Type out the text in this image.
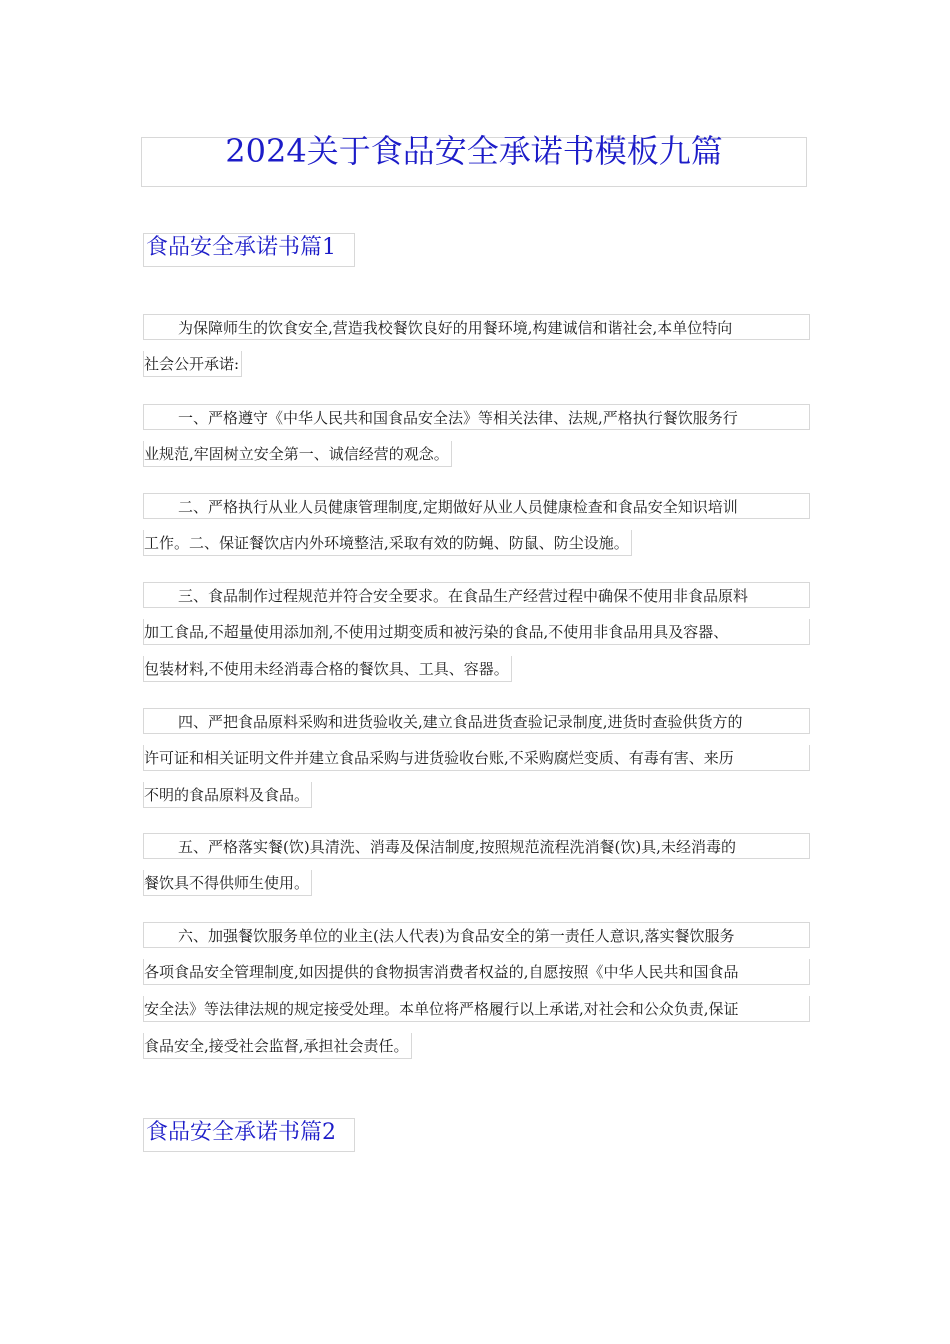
2024关于食品安全承诺书模板九篇
食品安全承诺书篇1
为保障师生的饮食安全,营造我校餐饮良好的用餐环境,构建诚信和谐社会,本单位特向
社会公开承诺:
一、严格遵守《中华人民共和国食品安全法》等相关法律、法规,严格执行餐饮服务行
业规范,牢固树立安全第一、诚信经营的观念。
二、严格执行从业人员健康管理制度,定期做好从业人员健康检查和食品安全知识培训
工作。二、保证餐饮店内外环境整洁,采取有效的防蝇、防鼠、防尘设施。
三、食品制作过程规范并符合安全要求。在食品生产经营过程中确保不使用非食品原料
加工食品,不超量使用添加剂,不使用过期变质和被污染的食品,不使用非食品用具及容器、
包装材料,不使用未经消毒合格的餐饮具、工具、容器。
四、严把食品原料采购和进货验收关,建立食品进货查验记录制度,进货时查验供货方的
许可证和相关证明文件并建立食品采购与进货验收台账,不采购腐烂变质、有毒有害、来历
不明的食品原料及食品。
五、严格落实餐(饮)具清洗、消毒及保洁制度,按照规范流程洗消餐(饮)具,未经消毒的
餐饮具不得供师生使用。
六、加强餐饮服务单位的业主(法人代表)为食品安全的第一责任人意识,落实餐饮服务
各项食品安全管理制度,如因提供的食物损害消费者权益的,自愿按照《中华人民共和国食品
安全法》等法律法规的规定接受处理。本单位将严格履行以上承诺,对社会和公众负责,保证
食品安全,接受社会监督,承担社会责任。
食品安全承诺书篇2
